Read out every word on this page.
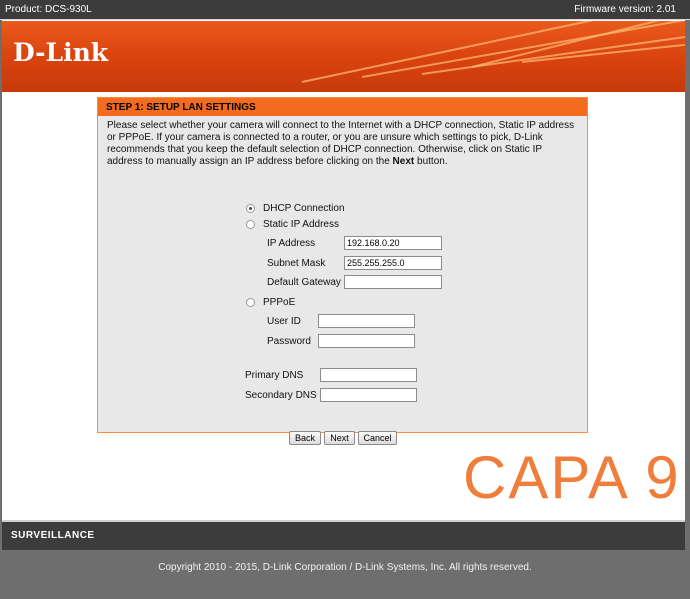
Product: DCS-930L	Firmware version: 2.01
D-Link
STEP 1: SETUP LAN SETTINGS
Please select whether your camera will connect to the Internet with a DHCP connection, Static IP address or PPPoE. If your camera is connected to a router, or you are unsure which settings to pick, D-Link recommends that you keep the default selection of DHCP connection. Otherwise, click on Static IP address to manually assign an IP address before clicking on the Next button.
DHCP Connection
Static IP Address
IP Address	192.168.0.20
Subnet Mask	255.255.255.0
Default Gateway
PPPoE
User ID
Password
Primary DNS
Secondary DNS
Back	Next	Cancel
CAPA 9
SURVEILLANCE
Copyright 2010 - 2015, D-Link Corporation / D-Link Systems, Inc. All rights reserved.
